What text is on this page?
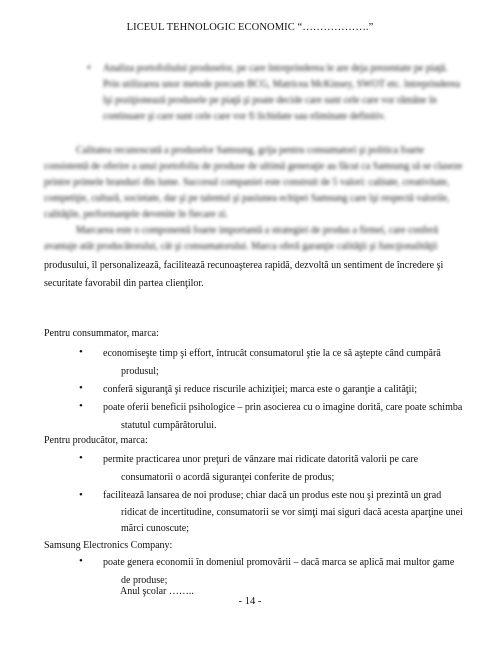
LICEUL TEHNOLOGIC ECONOMIC “……………….”
• Analiza portofoliului produselor, pe care întreprinderea le are deja prezentate pe piaţă.
Prin utilizarea unor metode precum BCG, Matricea McKinsey, SWOT etc. întreprinderea
îşi poziţionează produsele pe piaţă şi poate decide care sunt cele care vor rămâne în
continuare şi care sunt cele care vor fi lichidate sau eliminate definitiv.
Calitatea recunoscută a produselor Samsung, grija pentru consumatori şi politica foarte
consistentă de oferire a unui portofoliu de produse de ultimă generaţie au făcut ca Samsung să se claseze
printre primele branduri din lume. Succesul companiei este construit de 5 valori: calitate, creativitate,
competiţie, cultură, societate, dar şi pe talentul şi pasiunea echipei Samsung care îşi respectă valorile,
calităţile, performanţele devenite în fiecare zi.
Marcarea este o componentă foarte importantă a strategiei de produs a firmei, care conferă
avantaje atât producătorului, cât şi consumatorului. Marca oferă garanţie calităţii şi funcţionalităţii
produsului, îl personalizează, facilitează recunoaşterea rapidă, dezvoltă un sentiment de încredere şi
securitate favorabil din partea clienţilor.
Pentru consummator, marca:
• economiseşte timp şi effort, întrucât consumatorul ştie la ce să aştepte când cumpără
produsul;
• conferă siguranţă şi reduce riscurile achiziţiei; marca este o garanţie a calităţii;
• poate oferii beneficii psihologice – prin asocierea cu o imagine dorită, care poate schimba
statutul cumpărătorului.
Pentru producător, marca:
• permite practicarea unor preţuri de vânzare mai ridicate datorită valorii pe care
consumatorii o acordă siguranţei conferite de produs;
• facilitează lansarea de noi produse; chiar dacă un produs este nou şi prezintă un grad
ridicat de incertitudine, consumatorii se vor simţi mai siguri dacă acesta aparţine unei
mărci cunoscute;
Samsung Electronics Company:
• poate genera economii în domeniul promovării – dacă marca se aplică mai multor game
de produse;
Anul şcolar ……..
- 14 -
